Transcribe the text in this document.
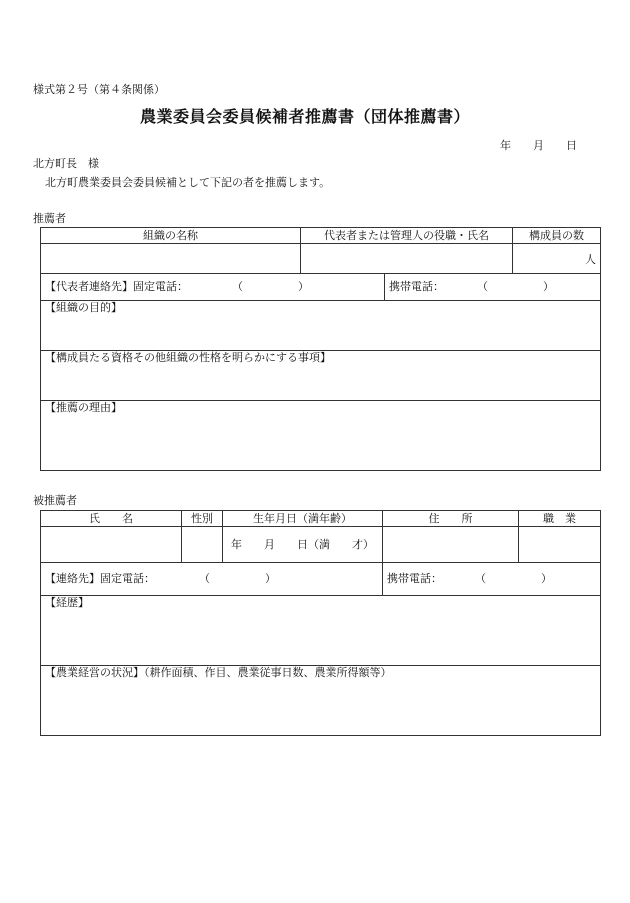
様式第２号（第４条関係）
農業委員会委員候補者推薦書（団体推薦書）
年　　月　　日
北方町長　様
北方町農業委員会委員候補として下記の者を推薦します。
推薦者
組織の名称	代表者または管理人の役職・氏名		構成員の数
			人
【代表者連絡先】固定電話：　　　　　（　　　　　）		携帯電話：　　　　（　　　　　）	
【組織の目的】			
【構成員たる資格その他組織の性格を明らかにする事項】			
【推薦の理由】			
被推薦者
氏　　名	性別	生年月日（満年齢）	住　　所	職　業
		年　　月　　日（満　　才）		
【連絡先】固定電話：　　　　　（　　　　　）			携帯電話：　　　　（　　　　　）	
【経歴】				
【農業経営の状況】（耕作面積、作目、農業従事日数、農業所得額等）				
